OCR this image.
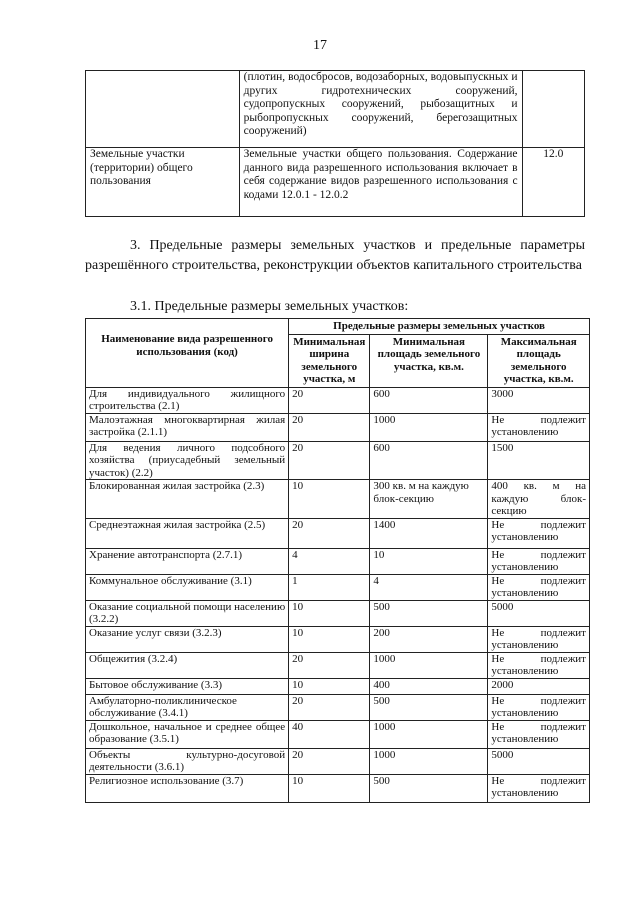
17
	(плотин, водосбросов, водозаборных, водовыпускных и других гидротехнических сооружений, судопропускных сооружений, рыбозащитных и рыбопропускных сооружений, берегозащитных сооружений)	
Земельные участки (территории) общего пользования	Земельные участки общего пользования. Содержание данного вида разрешенного использования включает в себя содержание видов разрешенного использования с кодами 12.0.1 - 12.0.2	12.0
3. Предельные размеры земельных участков и предельные параметры разрешённого строительства, реконструкции объектов капитального строительства
3.1. Предельные размеры земельных участков:
Наименование вида разрешенного использования (код)	Предельные размеры земельных участков		
	Минимальная ширина земельного участка, м	Минимальная площадь земельного участка, кв.м.	Максимальная площадь земельного участка, кв.м.
Для индивидуального жилищного строительства (2.1)	20	600	3000
Малоэтажная многоквартирная жилая застройка (2.1.1)	20	1000	Не подлежит установлению
Для ведения личного подсобного хозяйства (приусадебный земельный участок) (2.2)	20	600	1500
Блокированная жилая застройка (2.3)	10	300 кв. м на каждую блок-секцию	400 кв. м на каждую блок-секцию
Среднеэтажная жилая застройка (2.5)	20	1400	Не подлежит установлению
Хранение автотранспорта (2.7.1)	4	10	Не подлежит установлению
Коммунальное обслуживание (3.1)	1	4	Не подлежит установлению
Оказание социальной помощи населению (3.2.2)	10	500	5000
Оказание услуг связи (3.2.3)	10	200	Не подлежит установлению
Общежития (3.2.4)	20	1000	Не подлежит установлению
Бытовое обслуживание (3.3)	10	400	2000
Амбулаторно-поликлиническое обслуживание (3.4.1)	20	500	Не подлежит установлению
Дошкольное, начальное и среднее общее образование (3.5.1)	40	1000	Не подлежит установлению
Объекты культурно-досуговой деятельности (3.6.1)	20	1000	5000
Религиозное использование (3.7)	10	500	Не подлежит установлению
